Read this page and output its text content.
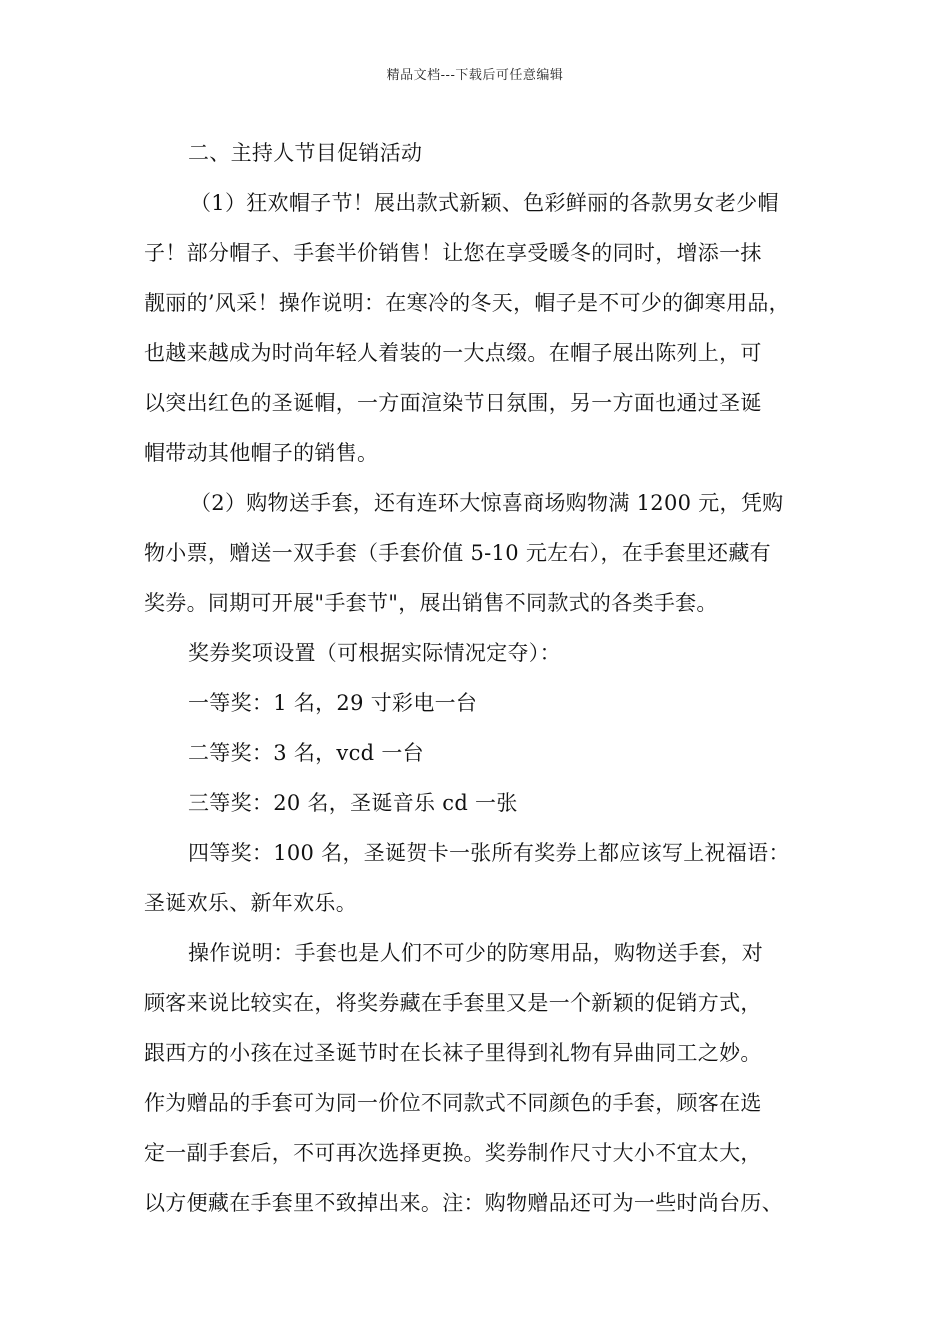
精品文档---下载后可任意编辑
二、主持人节目促销活动
（1）狂欢帽子节！展出款式新颖、色彩鲜丽的各款男女老少帽
子！部分帽子、手套半价销售！让您在享受暖冬的同时，增添一抹
靓丽的’风采！操作说明：在寒冷的冬天，帽子是不可少的御寒用品，
也越来越成为时尚年轻人着装的一大点缀。在帽子展出陈列上，可
以突出红色的圣诞帽，一方面渲染节日氛围，另一方面也通过圣诞
帽带动其他帽子的销售。
（2）购物送手套，还有连环大惊喜商场购物满 1200 元，凭购
物小票，赠送一双手套（手套价值 5-10 元左右），在手套里还藏有
奖券。同期可开展"手套节"，展出销售不同款式的各类手套。
奖券奖项设置（可根据实际情况定夺）：
一等奖：1 名，29 寸彩电一台
二等奖：3 名，vcd 一台
三等奖：20 名，圣诞音乐 cd 一张
四等奖：100 名，圣诞贺卡一张所有奖券上都应该写上祝福语：
圣诞欢乐、新年欢乐。
操作说明：手套也是人们不可少的防寒用品，购物送手套，对
顾客来说比较实在，将奖券藏在手套里又是一个新颖的促销方式，
跟西方的小孩在过圣诞节时在长袜子里得到礼物有异曲同工之妙。
作为赠品的手套可为同一价位不同款式不同颜色的手套，顾客在选
定一副手套后，不可再次选择更换。奖券制作尺寸大小不宜太大，
以方便藏在手套里不致掉出来。注：购物赠品还可为一些时尚台历、
